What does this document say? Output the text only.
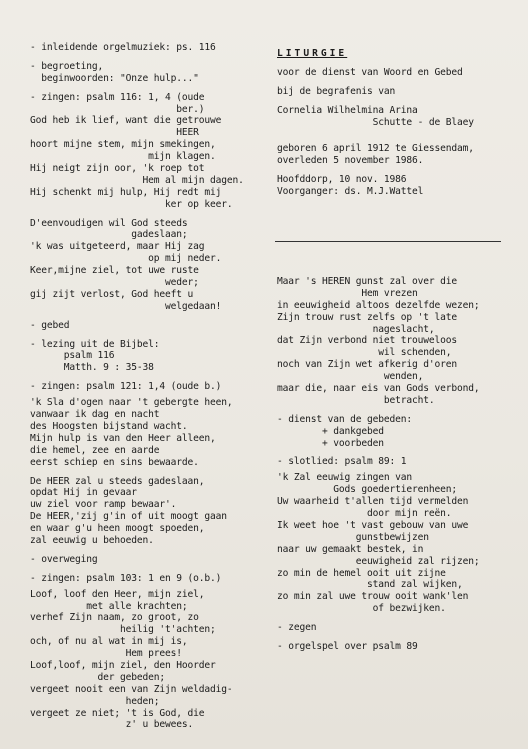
- inleidende orgelmuziek: ps. 116
- begroeting,
beginwoorden: "Onze hulp..."
- zingen: psalm 116: 1, 4 (oude
ber.)
God heb ik lief, want die getrouwe
HEER
hoort mijne stem, mijn smekingen,
mijn klagen.
Hij neigt zijn oor, 'k roep tot
Hem al mijn dagen.
Hij schenkt mij hulp, Hij redt mij
ker op keer.
D'eenvoudigen wil God steeds
gadeslaan;
'k was uitgeteerd, maar Hij zag
op mij neder.
Keer,mijne ziel, tot uwe ruste
weder;
gij zijt verlost, God heeft u
welgedaan!
- gebed
- lezing uit de Bijbel:
psalm 116
Matth. 9 : 35-38
- zingen: psalm 121: 1,4 (oude b.)
'k Sla d'ogen naar 't gebergte heen,
vanwaar ik dag en nacht
des Hoogsten bijstand wacht.
Mijn hulp is van den Heer alleen,
die hemel, zee en aarde
eerst schiep en sins bewaarde.
De HEER zal u steeds gadeslaan,
opdat Hij in gevaar
uw ziel voor ramp bewaar'.
De HEER,'zij g'in of uit moogt gaan
en waar g'u heen moogt spoeden,
zal eeuwig u behoeden.
- overweging
- zingen: psalm 103: 1 en 9 (o.b.)
Loof, loof den Heer, mijn ziel,
met alle krachten;
verhef Zijn naam, zo groot, zo
heilig 't'achten;
och, of nu al wat in mij is,
Hem prees!
Loof,loof, mijn ziel, den Hoorder
der gebeden;
vergeet nooit een van Zijn weldadig-
heden;
vergeet ze niet; 't is God, die
z' u bewees.
LITURGIE
voor de dienst van Woord en Gebed
bij de begrafenis van
Cornelia Wilhelmina Arina
Schutte - de Blaey
geboren 6 april 1912 te Giessendam,
overleden 5 november 1986.
Hoofddorp, 10 nov. 1986
Voorganger: ds. M.J.Wattel
Maar 's HEREN gunst zal over die
Hem vrezen
in eeuwigheid altoos dezelfde wezen;
Zijn trouw rust zelfs op 't late
nageslacht,
dat Zijn verbond niet trouweloos
wil schenden,
noch van Zijn wet afkerig d'oren
wenden,
maar die, naar eis van Gods verbond,
betracht.
- dienst van de gebeden:
+ dankgebed
+ voorbeden
- slotlied: psalm 89: 1
'k Zal eeuwig zingen van
Gods goedertierenheen;
Uw waarheid t'allen tijd vermelden
door mijn reën.
Ik weet hoe 't vast gebouw van uwe
gunstbewijzen
naar uw gemaakt bestek, in
eeuwigheid zal rijzen;
zo min de hemel ooit uit zijne
stand zal wijken,
zo min zal uwe trouw ooit wank'len
of bezwijken.
- zegen
- orgelspel over psalm 89
